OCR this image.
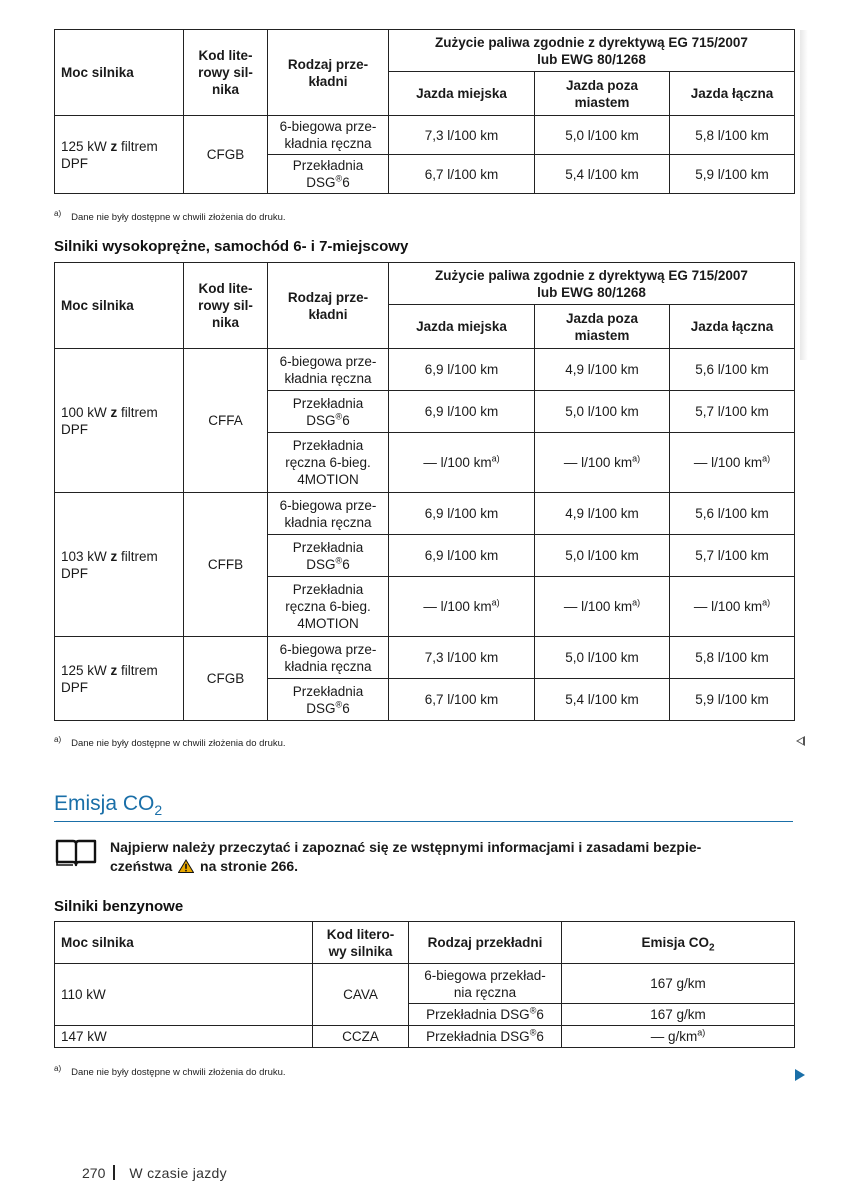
Moc silnika	Kod lite-
rowy sil-
nika	Rodzaj prze-
kładni	Zużycie paliwa zgodnie z dyrektywą EG 715/2007
lub EWG 80/1268		
			Jazda miejska	Jazda poza
miastem	Jazda łączna
125 kW z filtrem
DPF	CFGB	6-biegowa prze-
kładnia ręczna	7,3 l/100 km	5,0 l/100 km	5,8 l/100 km
		Przekładnia
DSG®6	6,7 l/100 km	5,4 l/100 km	5,9 l/100 km
$^{a)}$ Dane nie były dostępne w chwili złożenia do druku.
Silniki wysokoprężne, samochód 6- i 7-miejscowy
Moc silnika	Kod lite-
rowy sil-
nika	Rodzaj prze-
kładni	Zużycie paliwa zgodnie z dyrektywą EG 715/2007
lub EWG 80/1268		
			Jazda miejska	Jazda poza
miastem	Jazda łączna
100 kW z filtrem
DPF	CFFA	6-biegowa prze-
kładnia ręczna	6,9 l/100 km	4,9 l/100 km	5,6 l/100 km
		Przekładnia
DSG®6	6,9 l/100 km	5,0 l/100 km	5,7 l/100 km
		Przekładnia
ręczna 6-bieg.
4MOTION	— l/100 $km^{a)}$	— l/100 $km^{a)}$	— l/100 $km^{a)}$
103 kW z filtrem
DPF	CFFB	6-biegowa prze-
kładnia ręczna	6,9 l/100 km	4,9 l/100 km	5,6 l/100 km
		Przekładnia
DSG®6	6,9 l/100 km	5,0 l/100 km	5,7 l/100 km
		Przekładnia
ręczna 6-bieg.
4MOTION	— l/100 $km^{a)}$	— l/100 $km^{a)}$	— l/100 $km^{a)}$
125 kW z filtrem
DPF	CFGB	6-biegowa prze-
kładnia ręczna	7,3 l/100 km	5,0 l/100 km	5,8 l/100 km
		Przekładnia
DSG®6	6,7 l/100 km	5,4 l/100 km	5,9 l/100 km
$^{a)}$ Dane nie były dostępne w chwili złożenia do druku.
Emisja $CO_2$
Najpierw należy przeczytać i zapoznać się ze wstępnymi informacjami i zasadami bezpie-
czeństwa na stronie 266.
Silniki benzynowe
Moc silnika	Kod litero-
wy silnika	Rodzaj przekładni	Emisja $CO_2$
110 kW	CAVA	6-biegowa przekład-
nia ręczna	167 g/km
		Przekładnia DSG®6	167 g/km
147 kW	CCZA	Przekładnia DSG®6	— $g/km^{a)}$
$^{a)}$ Dane nie były dostępne w chwili złożenia do druku.
270 W czasie jazdy
